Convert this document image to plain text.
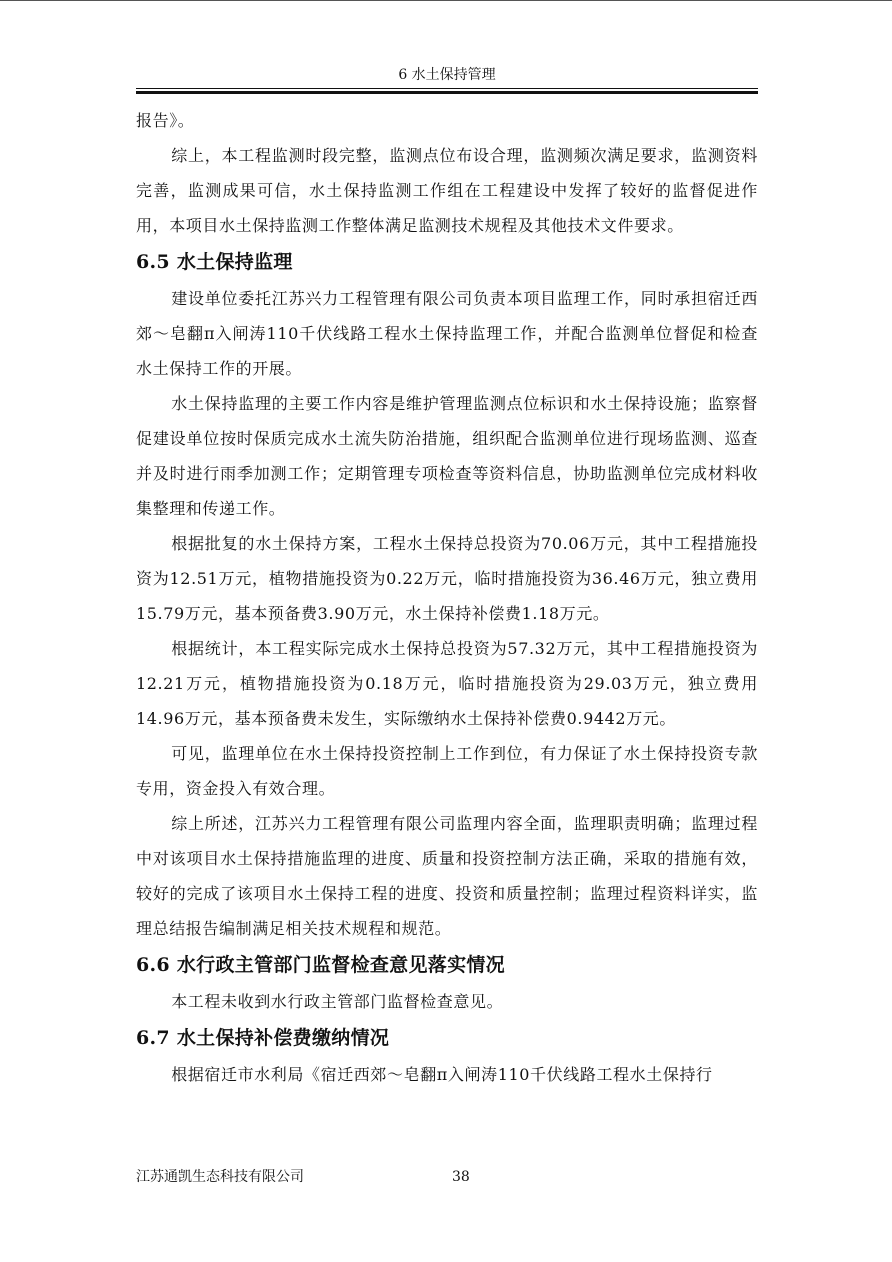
6 水土保持管理

报告》。

综上，本工程监测时段完整，监测点位布设合理，监测频次满足要求，监测资料完善，监测成果可信，水土保持监测工作组在工程建设中发挥了较好的监督促进作用，本项目水土保持监测工作整体满足监测技术规程及其他技术文件要求。

6.5 水土保持监理

建设单位委托江苏兴力工程管理有限公司负责本项目监理工作，同时承担宿迁西郊～皂翻π入闸涛110千伏线路工程水土保持监理工作，并配合监测单位督促和检查水土保持工作的开展。

水土保持监理的主要工作内容是维护管理监测点位标识和水土保持设施；监察督促建设单位按时保质完成水土流失防治措施，组织配合监测单位进行现场监测、巡查并及时进行雨季加测工作；定期管理专项检查等资料信息，协助监测单位完成材料收集整理和传递工作。

根据批复的水土保持方案，工程水土保持总投资为70.06万元，其中工程措施投资为12.51万元，植物措施投资为0.22万元，临时措施投资为36.46万元，独立费用15.79万元，基本预备费3.90万元，水土保持补偿费1.18万元。

根据统计，本工程实际完成水土保持总投资为57.32万元，其中工程措施投资为12.21万元，植物措施投资为0.18万元，临时措施投资为29.03万元，独立费用14.96万元，基本预备费未发生，实际缴纳水土保持补偿费0.9442万元。

可见，监理单位在水土保持投资控制上工作到位，有力保证了水土保持投资专款专用，资金投入有效合理。

综上所述，江苏兴力工程管理有限公司监理内容全面，监理职责明确；监理过程中对该项目水土保持措施监理的进度、质量和投资控制方法正确，采取的措施有效，较好的完成了该项目水土保持工程的进度、投资和质量控制；监理过程资料详实，监理总结报告编制满足相关技术规程和规范。

6.6 水行政主管部门监督检查意见落实情况

本工程未收到水行政主管部门监督检查意见。

6.7 水土保持补偿费缴纳情况

根据宿迁市水利局《宿迁西郊～皂翻π入闸涛110千伏线路工程水土保持行

江苏通凯生态科技有限公司	38
